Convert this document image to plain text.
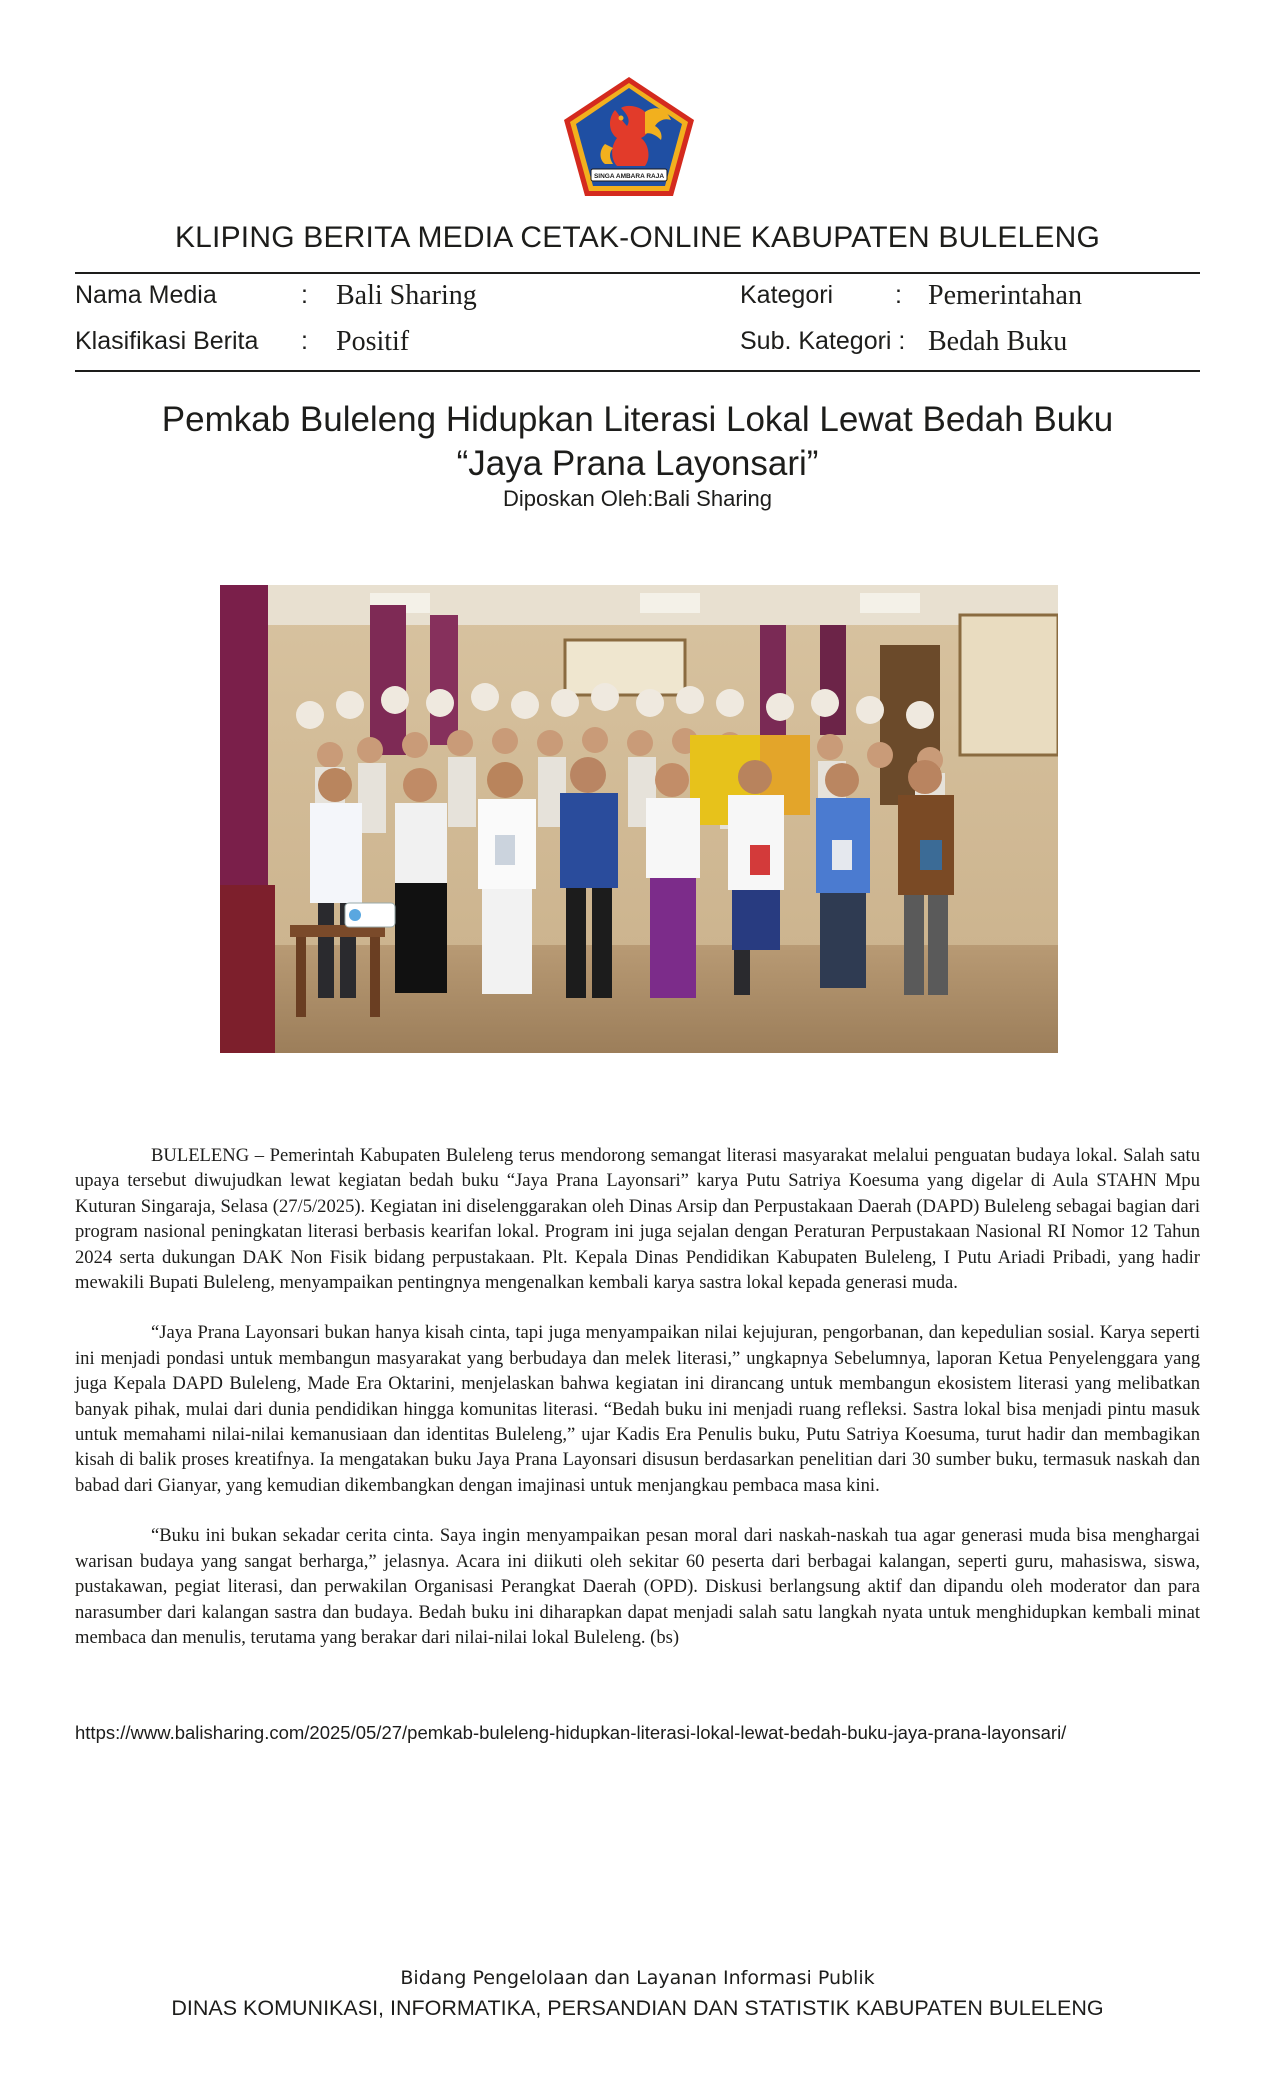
SINGA AMBARA RAJA
KLIPING BERITA MEDIA CETAK-ONLINE KABUPATEN BULELENG
Nama Media	: Bali Sharing	Kategori : Pemerintahan
Klasifikasi Berita : Positif	Sub. Kategori : Bedah Buku
Pemkab Buleleng Hidupkan Literasi Lokal Lewat Bedah Buku
“Jaya Prana Layonsari”
Diposkan Oleh:Bali Sharing

BULELENG – Pemerintah Kabupaten Buleleng terus mendorong semangat literasi masyarakat melalui penguatan budaya lokal. Salah satu upaya tersebut diwujudkan lewat kegiatan bedah buku “Jaya Prana Layonsari” karya Putu Satriya Koesuma yang digelar di Aula STAHN Mpu Kuturan Singaraja, Selasa (27/5/2025). Kegiatan ini diselenggarakan oleh Dinas Arsip dan Perpustakaan Daerah (DAPD) Buleleng sebagai bagian dari program nasional peningkatan literasi berbasis kearifan lokal. Program ini juga sejalan dengan Peraturan Perpustakaan Nasional RI Nomor 12 Tahun 2024 serta dukungan DAK Non Fisik bidang perpustakaan. Plt. Kepala Dinas Pendidikan Kabupaten Buleleng, I Putu Ariadi Pribadi, yang hadir mewakili Bupati Buleleng, menyampaikan pentingnya mengenalkan kembali karya sastra lokal kepada generasi muda.

“Jaya Prana Layonsari bukan hanya kisah cinta, tapi juga menyampaikan nilai kejujuran, pengorbanan, dan kepedulian sosial. Karya seperti ini menjadi pondasi untuk membangun masyarakat yang berbudaya dan melek literasi,” ungkapnya Sebelumnya, laporan Ketua Penyelenggara yang juga Kepala DAPD Buleleng, Made Era Oktarini, menjelaskan bahwa kegiatan ini dirancang untuk membangun ekosistem literasi yang melibatkan banyak pihak, mulai dari dunia pendidikan hingga komunitas literasi. “Bedah buku ini menjadi ruang refleksi. Sastra lokal bisa menjadi pintu masuk untuk memahami nilai-nilai kemanusiaan dan identitas Buleleng,” ujar Kadis Era Penulis buku, Putu Satriya Koesuma, turut hadir dan membagikan kisah di balik proses kreatifnya. Ia mengatakan buku Jaya Prana Layonsari disusun berdasarkan penelitian dari 30 sumber buku, termasuk naskah dan babad dari Gianyar, yang kemudian dikembangkan dengan imajinasi untuk menjangkau pembaca masa kini.

“Buku ini bukan sekadar cerita cinta. Saya ingin menyampaikan pesan moral dari naskah-naskah tua agar generasi muda bisa menghargai warisan budaya yang sangat berharga,” jelasnya. Acara ini diikuti oleh sekitar 60 peserta dari berbagai kalangan, seperti guru, mahasiswa, siswa, pustakawan, pegiat literasi, dan perwakilan Organisasi Perangkat Daerah (OPD). Diskusi berlangsung aktif dan dipandu oleh moderator dan para narasumber dari kalangan sastra dan budaya. Bedah buku ini diharapkan dapat menjadi salah satu langkah nyata untuk menghidupkan kembali minat membaca dan menulis, terutama yang berakar dari nilai-nilai lokal Buleleng. (bs)

https://www.balisharing.com/2025/05/27/pemkab-buleleng-hidupkan-literasi-lokal-lewat-bedah-buku-jaya-prana-layonsari/
Bidang Pengelolaan dan Layanan Informasi Publik
DINAS KOMUNIKASI, INFORMATIKA, PERSANDIAN DAN STATISTIK KABUPATEN BULELENG
